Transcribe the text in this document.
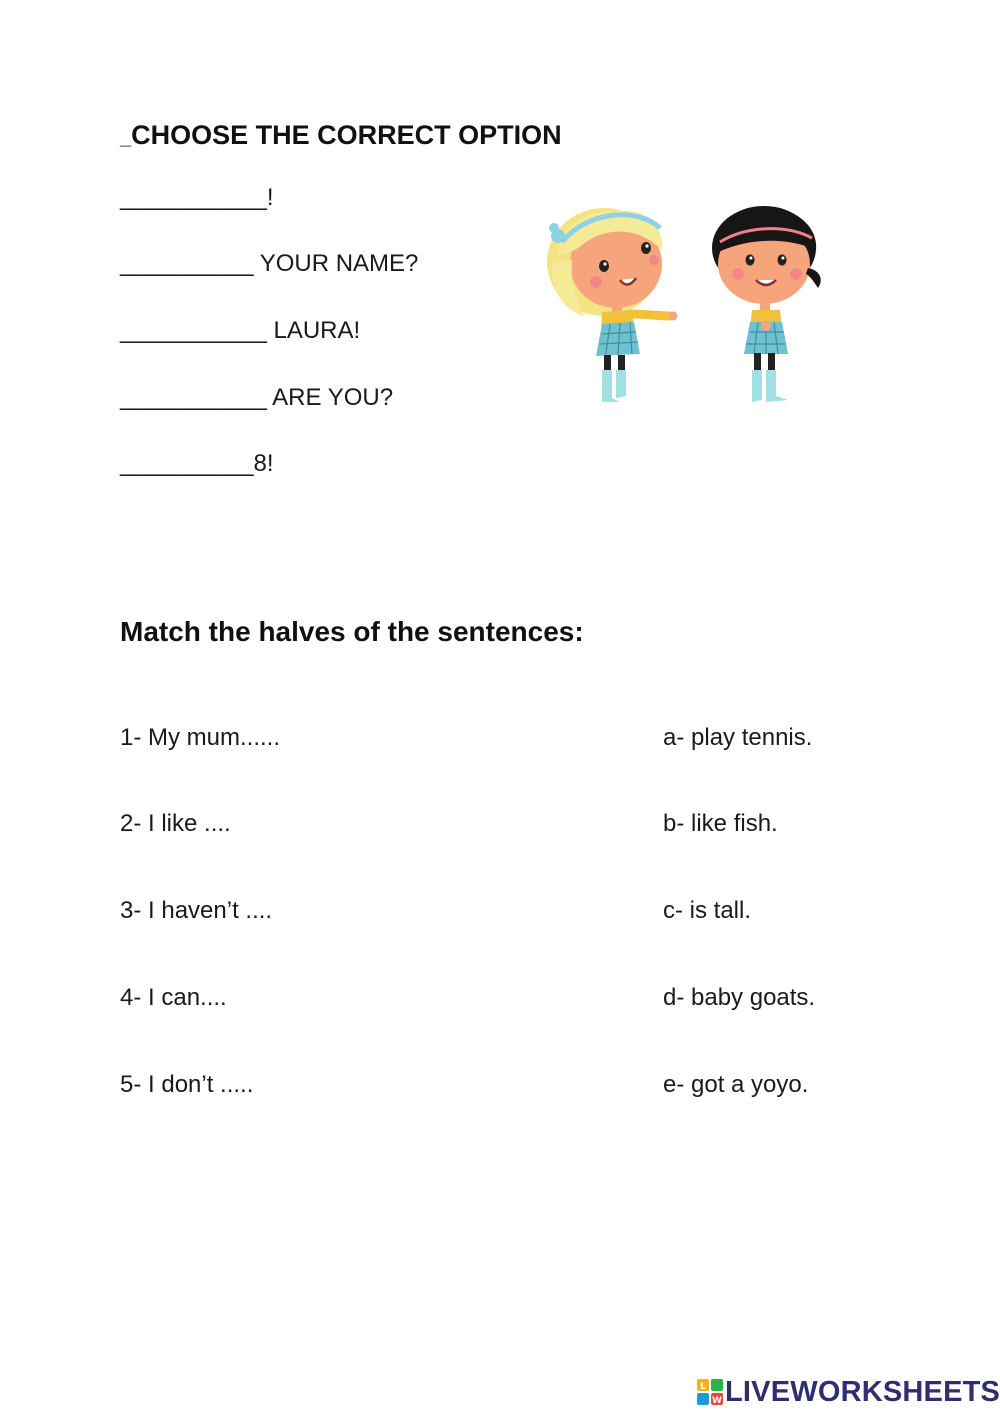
_CHOOSE THE CORRECT OPTION
___________!
__________ YOUR NAME?
___________ LAURA!
___________ ARE YOU?
__________8!
Match the halves of the sentences:
1- My mum......
2- I like ....
3- I haven’t ....
4- I can....
5- I don’t .....
a- play tennis.
b- like fish.
c- is tall.
d- baby goats.
e- got a yoyo.
L
W LIVEWORKSHEETS
